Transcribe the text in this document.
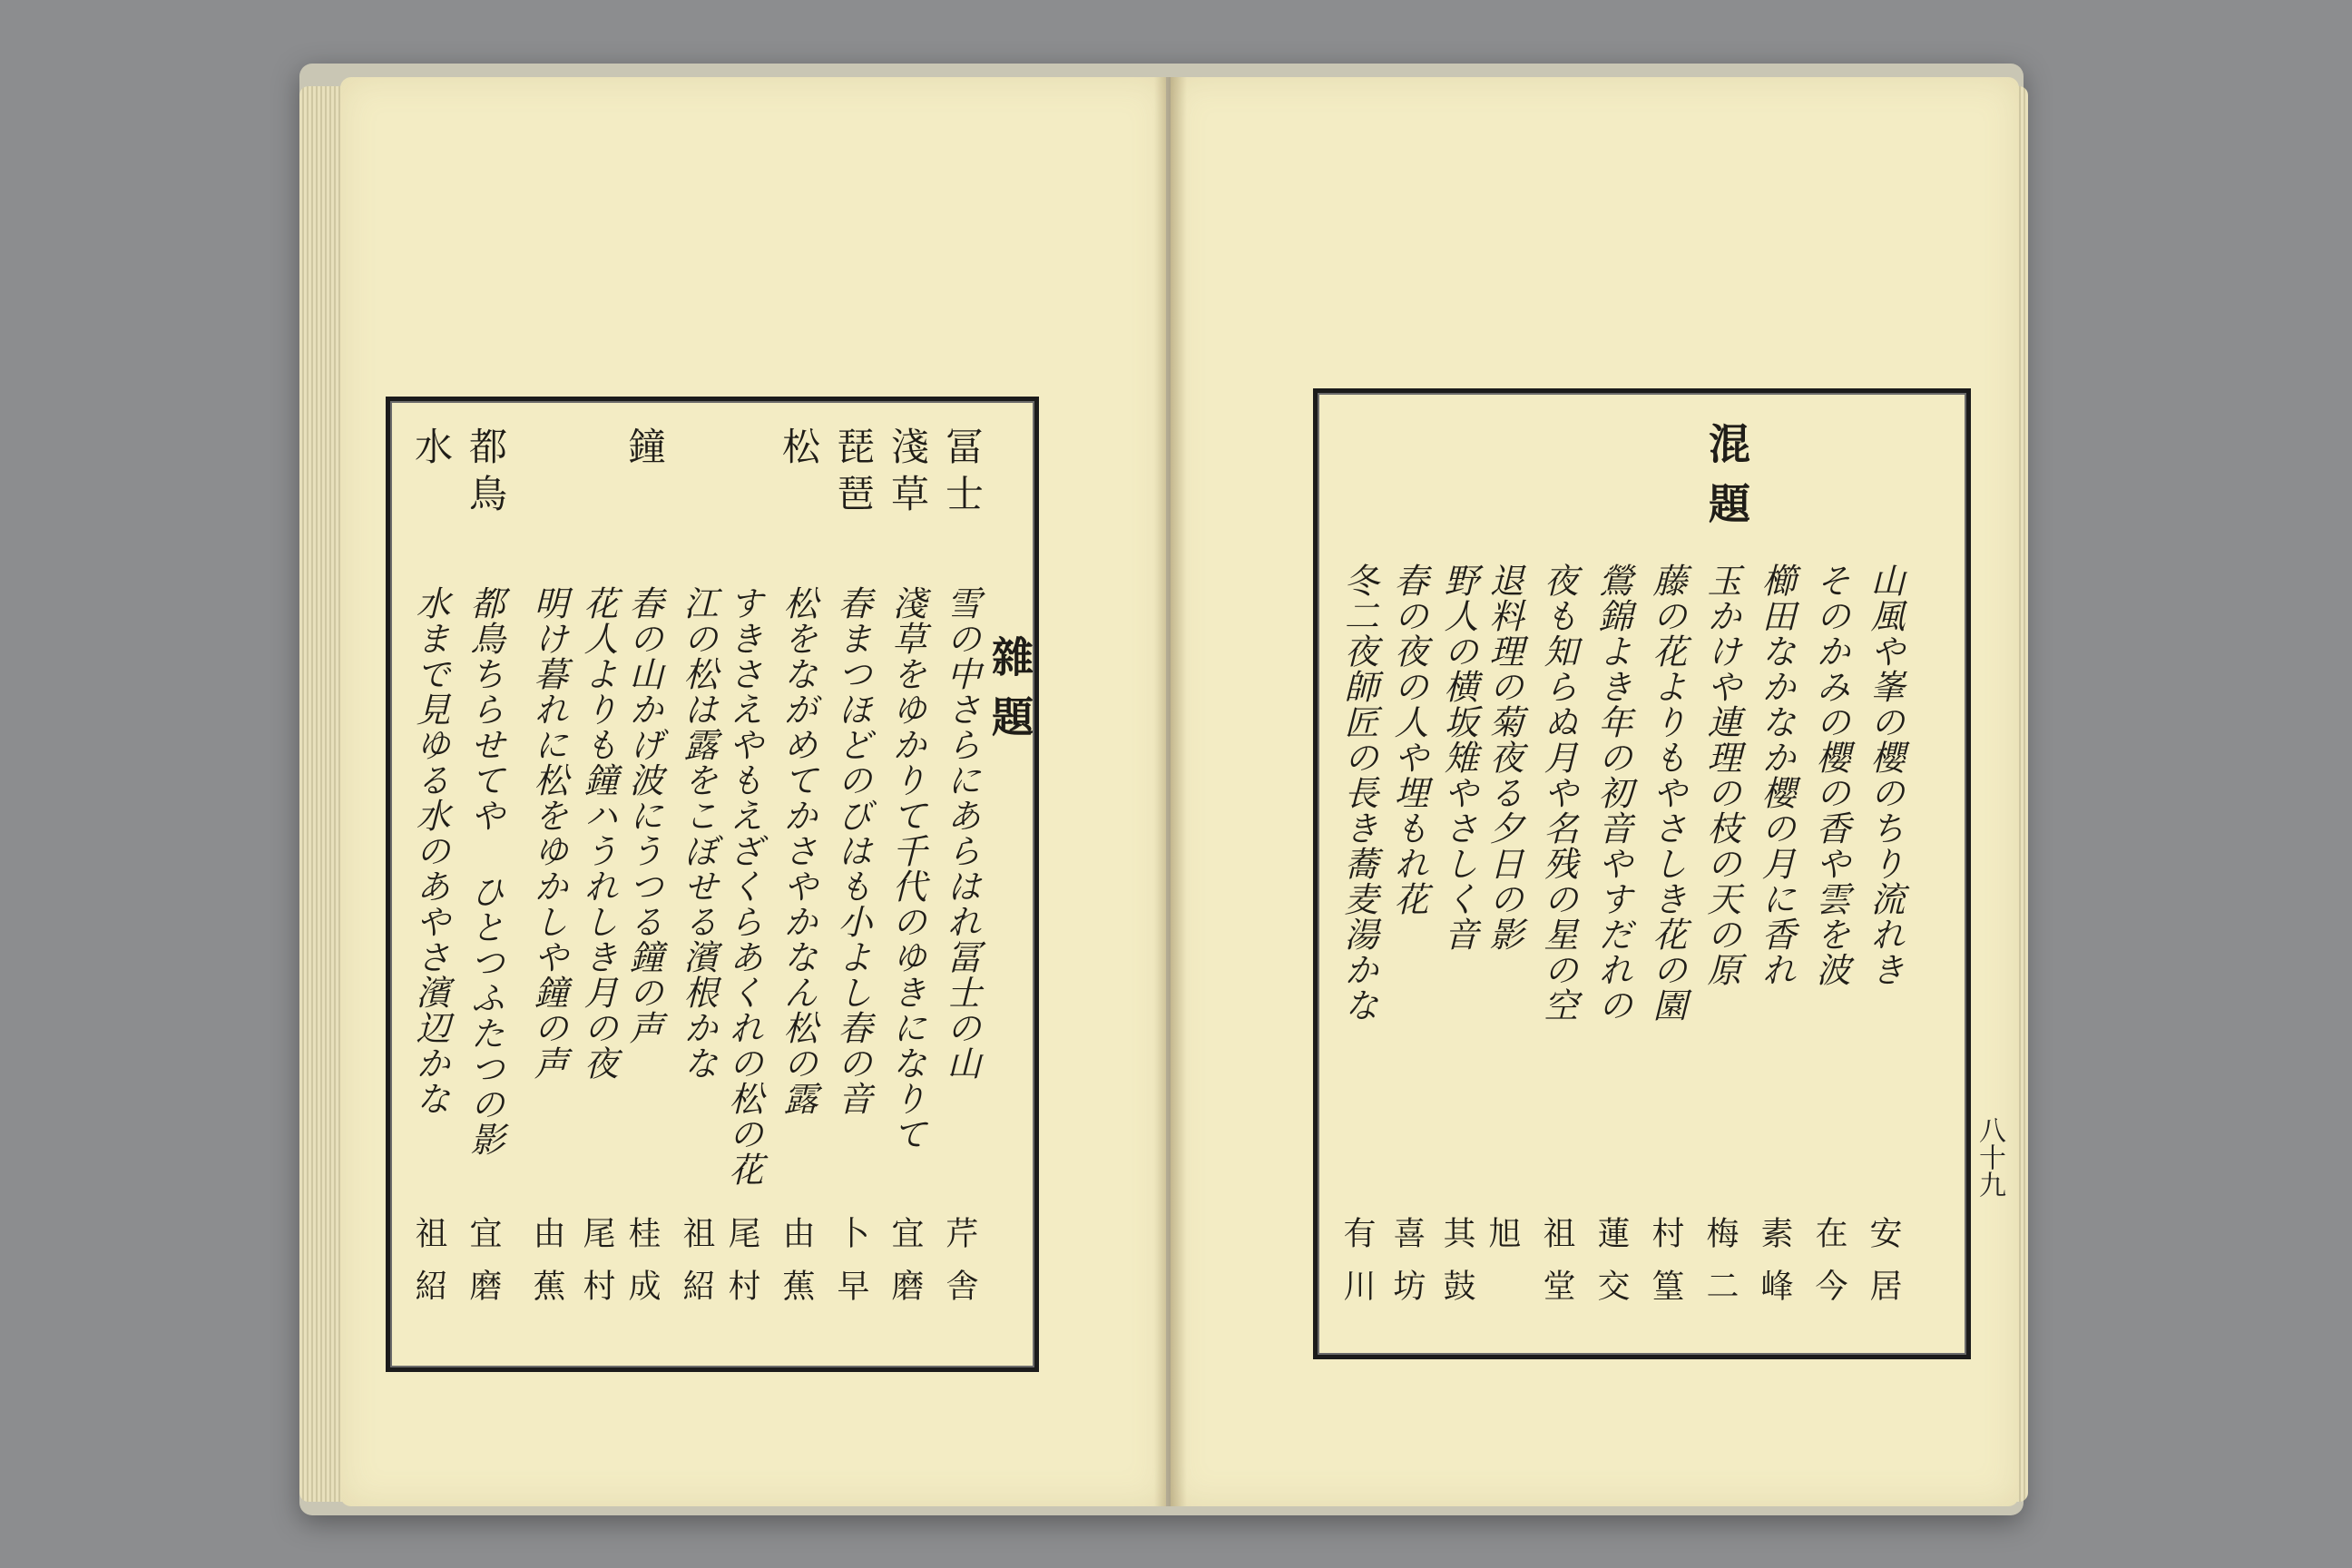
雜題
冨士
雪の中さらにあらはれ冨士の山
芹舎
淺草
淺草をゆかりて千代のゆきになりて
宜磨
琵琶
春まつほどのびはも小よし春の音
卜早
松
松をながめてかさやかなん松の露
由蕉
すきさえやもえざくらあくれの松の花
尾村
江の松は露をこぼせる濱根かな
祖紹
鐘
春の山かげ波にうつる鐘の声
桂成
花人よりも鐘ハうれしき月の夜
尾村
明け暮れに松をゆかしや鐘の声
由蕉
都鳥
都鳥ちらせてや ひとつふたつの影
宜磨
水
水まで見ゆる水のあやさ濱辺かな
祖紹
混題
山風や峯の櫻のちり流れき
安居
そのかみの櫻の香や雲を波
在今
櫛田なかなか櫻の月に香れ
素峰
玉かけや連理の枝の天の原
梅二
藤の花よりもやさしき花の園
村篁
鶯錦よき年の初音やすだれの
蓮交
夜も知らぬ月や名残の星の空
祖堂
退料理の菊夜る夕日の影
旭
野人の横坂雉やさしく音
其鼓
春の夜の人や埋もれ花
喜坊
冬二夜師匠の長き蕎麦湯かな
有川
八十九
